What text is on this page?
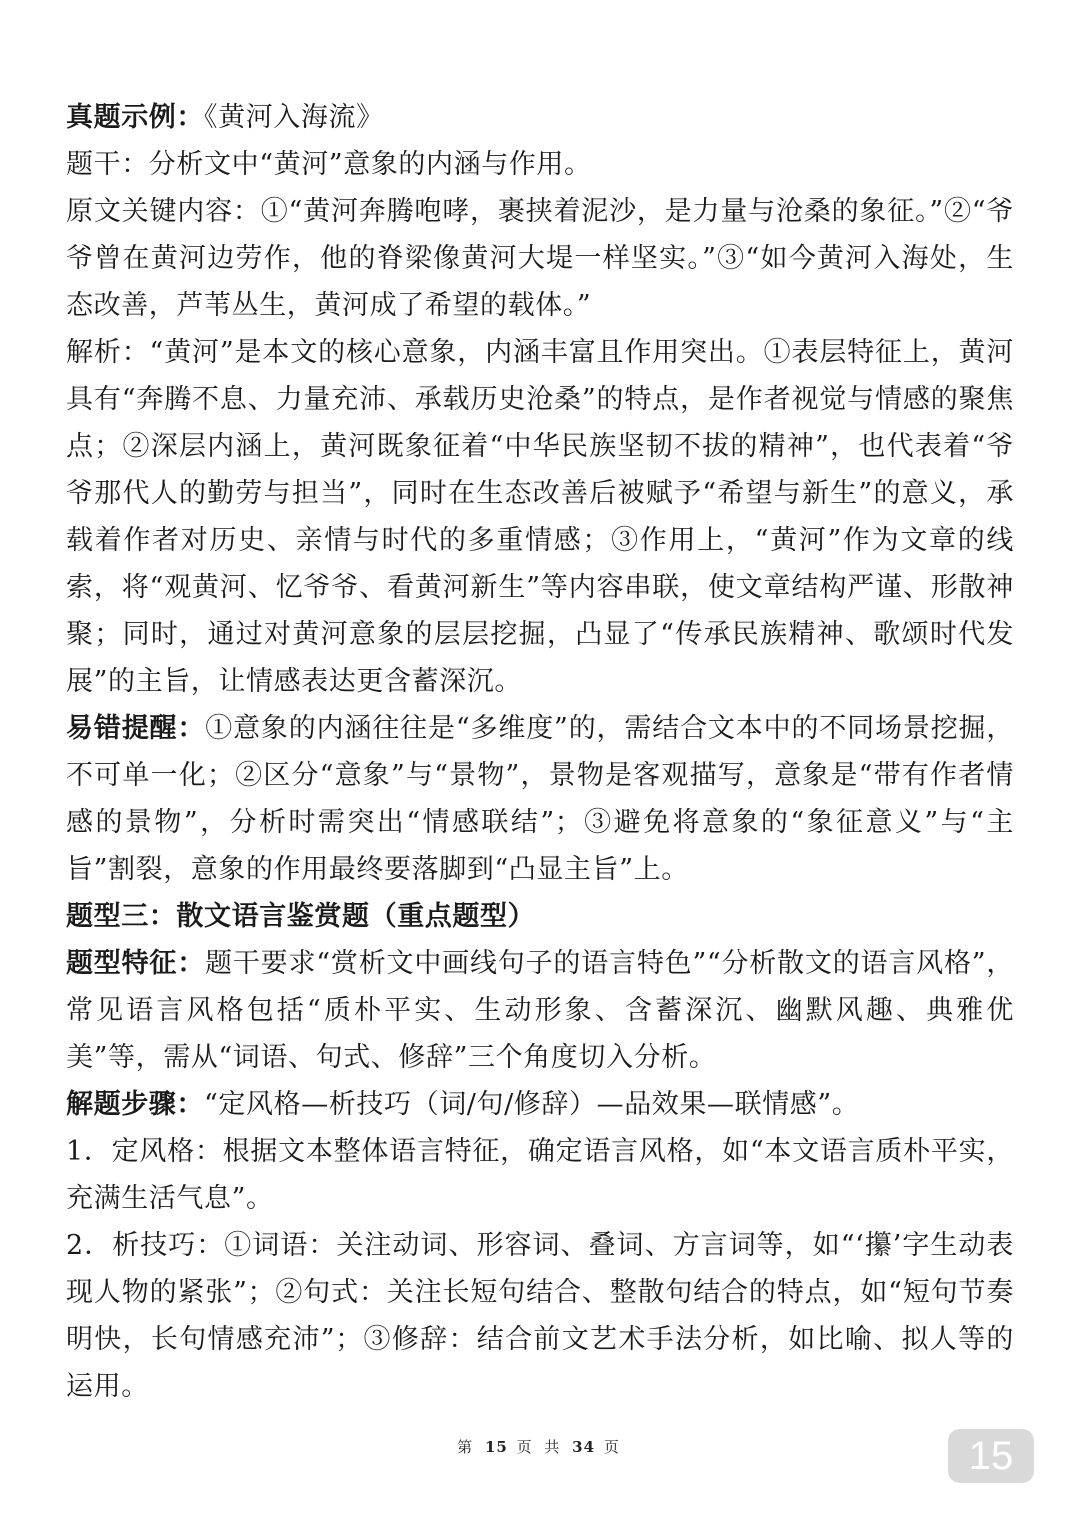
真题示例：《黄河入海流》

题干：分析文中“黄河”意象的内涵与作用。

原文关键内容：①“黄河奔腾咆哮，裹挟着泥沙，是力量与沧桑的象征。”②“爷爷曾在黄河边劳作，他的脊梁像黄河大堤一样坚实。”③“如今黄河入海处，生态改善，芦苇丛生，黄河成了希望的载体。”

解析：“黄河”是本文的核心意象，内涵丰富且作用突出。①表层特征上，黄河具有“奔腾不息、力量充沛、承载历史沧桑”的特点，是作者视觉与情感的聚焦点；②深层内涵上，黄河既象征着“中华民族坚韧不拔的精神”，也代表着“爷爷那代人的勤劳与担当”，同时在生态改善后被赋予“希望与新生”的意义，承载着作者对历史、亲情与时代的多重情感；③作用上，“黄河”作为文章的线索，将“观黄河、忆爷爷、看黄河新生”等内容串联，使文章结构严谨、形散神聚；同时，通过对黄河意象的层层挖掘，凸显了“传承民族精神、歌颂时代发展”的主旨，让情感表达更含蓄深沉。

易错提醒：①意象的内涵往往是“多维度”的，需结合文本中的不同场景挖掘，不可单一化；②区分“意象”与“景物”，景物是客观描写，意象是“带有作者情感的景物”，分析时需突出“情感联结”；③避免将意象的“象征意义”与“主旨”割裂，意象的作用最终要落脚到“凸显主旨”上。

题型三：散文语言鉴赏题（重点题型）

题型特征：题干要求“赏析文中画线句子的语言特色”“分析散文的语言风格”，常见语言风格包括“质朴平实、生动形象、含蓄深沉、幽默风趣、典雅优美”等，需从“词语、句式、修辞”三个角度切入分析。

解题步骤：“定风格—析技巧（词/句/修辞）—品效果—联情感”。

1．定风格：根据文本整体语言特征，确定语言风格，如“本文语言质朴平实，充满生活气息”。

2．析技巧：①词语：关注动词、形容词、叠词、方言词等，如“‘攥’字生动表现人物的紧张”；②句式：关注长短句结合、整散句结合的特点，如“短句节奏明快，长句情感充沛”；③修辞：结合前文艺术手法分析，如比喻、拟人等的运用。

第 15 页 共 34 页	15
